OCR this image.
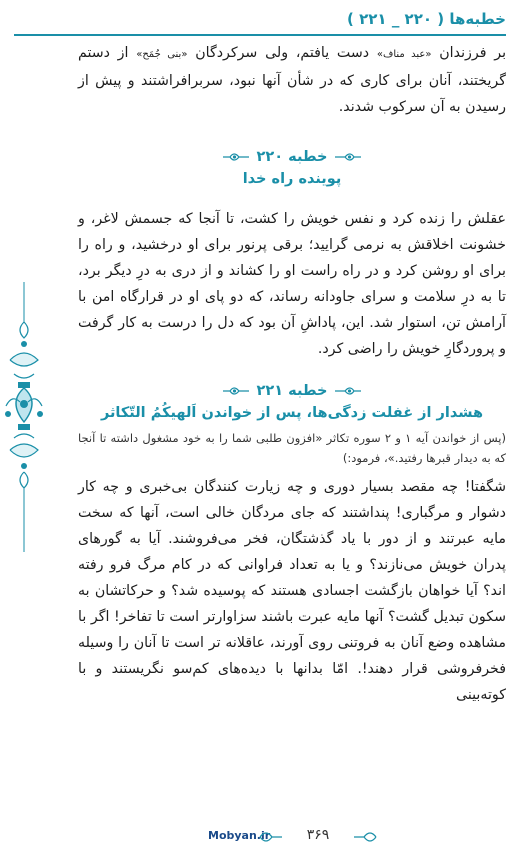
خطبه‌ها ( ۲۲۰ _ ۲۲۱ )

بر فرزندان «عبد مناف» دست یافتم، ولی سرکردگان «بنی جُمَح» از دستم گریختند، آنان برای کاری که در شأن آنها نبود، سربرافراشتند و پیش از رسیدن به آن سرکوب شدند.

خطبه ۲۲۰
پوینده راه خدا

عقلش را زنده کرد و نفس خویش را کشت، تا آنجا که جسمش لاغر، و خشونت اخلاقش به نرمی گرایید؛ برقی پرنور برای او درخشید، و راه را برای او روشن کرد و در راه راست او را کشاند و از دری به درِ دیگر برد، تا به درِ سلامت و سرای جاودانه رساند، که دو پای او در قرارگاه امن با آرامش تن، استوار شد. این، پاداشِ آن بود که دل را درست به کار گرفت و پروردگارِ خویش را راضی کرد.

خطبه ۲۲۱
هشدار از غفلت زدگی‌ها، پس از خواندن اَلهیکُمُ التّکاثر

(پس از خواندن آیه ۱ و ۲ سوره تکاثر «افزون طلبی شما را به خود مشغول داشته تا آنجا که به دیدار قبرها رفتید.»، فرمود:)

شگفتا! چه مقصد بسیار دوری و چه زیارت کنندگان بی‌خبری و چه کار دشوار و مرگباری! پنداشتند که جای مردگان خالی است، آنها که سخت مایه عبرتند و از دور با یاد گذشتگان، فخر می‌فروشند. آیا به گورهای پدران خویش می‌نازند؟ و یا به تعداد فراوانی که در کام مرگ فرو رفته اند؟ آیا خواهان بازگشت اجسادی هستند که پوسیده شد؟ و حرکاتشان به سکون تبدیل گشت؟ آنها مایه عبرت باشند سزاوارتر است تا تفاخر! اگر با مشاهده وضع آنان به فروتنی روی آورند، عاقلانه تر است تا آنان را وسیله فخرفروشی قرار دهند!. امّا بدانها با دیده‌های کم‌سو نگریستند و با کوته‌بینی

Mobyan.ir	۳۶۹
